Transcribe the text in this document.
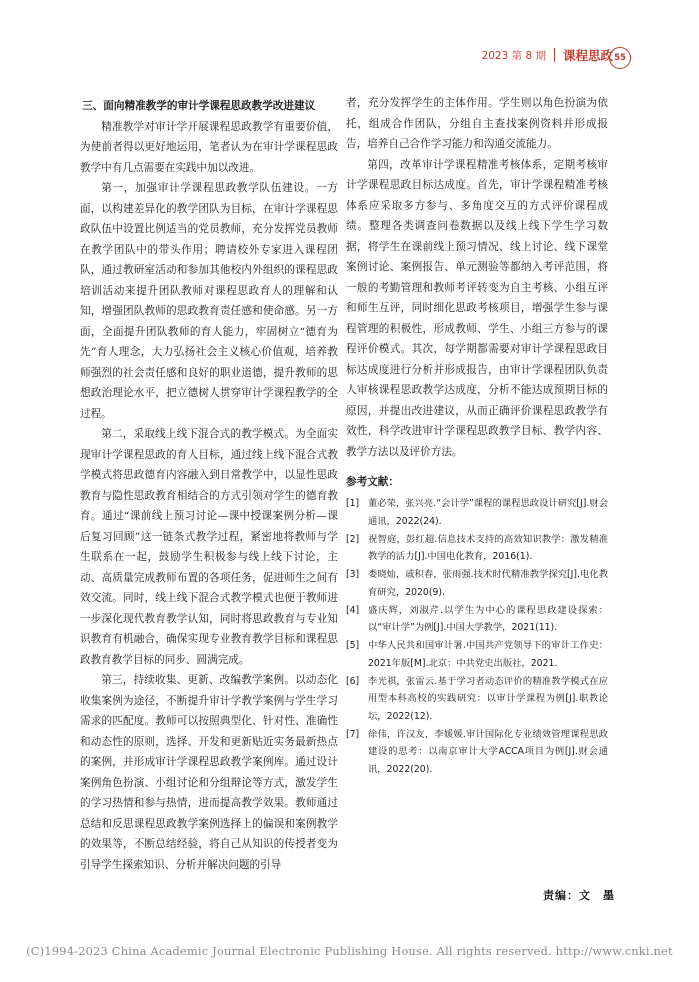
2023 第 8 期 课程思政 55
三、面向精准教学的审计学课程思政教学改进建议

精准教学对审计学开展课程思政教学有重要价值，为使前者得以更好地运用，笔者认为在审计学课程思政教学中有几点需要在实践中加以改进。

第一，加强审计学课程思政教学队伍建设。一方面，以构建差异化的教学团队为目标，在审计学课程思政队伍中设置比例适当的党员教师，充分发挥党员教师在教学团队中的带头作用；聘请校外专家进入课程团队，通过教研室活动和参加其他校内外组织的课程思政培训活动来提升团队教师对课程思政育人的理解和认知，增强团队教师的思政教育责任感和使命感。另一方面，全面提升团队教师的育人能力，牢固树立“德育为先”育人理念，大力弘扬社会主义核心价值观，培养教师强烈的社会责任感和良好的职业道德，提升教师的思想政治理论水平，把立德树人贯穿审计学课程教学的全过程。

第二，采取线上线下混合式的教学模式。为全面实现审计学课程思政的育人目标，通过线上线下混合式教学模式将思政德育内容融入到日常教学中，以显性思政教育与隐性思政教育相结合的方式引领对学生的德育教育。通过“课前线上预习讨论—课中授课案例分析—课后复习回顾”这一链条式教学过程，紧密地将教师与学生联系在一起，鼓励学生积极参与线上线下讨论，主动、高质量完成教师布置的各项任务，促进师生之间有效交流。同时，线上线下混合式教学模式也便于教师进一步深化现代教育教学认知，同时将思政教育与专业知识教育有机融合，确保实现专业教育教学目标和课程思政教育教学目标的同步、圆满完成。

第三，持续收集、更新、改编教学案例。以动态化收集案例为途径，不断提升审计学教学案例与学生学习需求的匹配度。教师可以按照典型化、针对性、准确性和动态性的原则，选择、开发和更新贴近实务最新热点的案例，并形成审计学课程思政教学案例库。通过设计案例角色扮演、小组讨论和分组辩论等方式，激发学生的学习热情和参与热情，进而提高教学效果。教师通过总结和反思课程思政教学案例选择上的偏误和案例教学的效果等，不断总结经验，将自己从知识的传授者变为引导学生探索知识、分析并解决问题的引导

者，充分发挥学生的主体作用。学生则以角色扮演为依托，组成合作团队，分组自主查找案例资料并形成报告，培养自己合作学习能力和沟通交流能力。

第四，改革审计学课程精准考核体系，定期考核审计学课程思政目标达成度。首先，审计学课程精准考核体系应采取多方参与、多角度交互的方式评价课程成绩。整理各类调查问卷数据以及线上线下学生学习数据，将学生在课前线上预习情况、线上讨论、线下课堂案例讨论、案例报告、单元测验等都纳入考评范围，将一般的考勤管理和教师考评转变为自主考核、小组互评和师生互评，同时细化思政考核项目，增强学生参与课程管理的积极性，形成教师、学生、小组三方参与的课程评价模式。其次，每学期都需要对审计学课程思政目标达成度进行分析并形成报告，由审计学课程团队负责人审核课程思政教学达成度，分析不能达成预期目标的原因，并提出改进建议，从而正确评价课程思政教学有效性，科学改进审计学课程思政教学目标、教学内容、教学方法以及评价方法。

参考文献：
[1] 董必荣，张兴亮.“会计学”课程的课程思政设计研究[J].财会通讯，2022(24).
[2] 祝智庭，彭红超.信息技术支持的高效知识教学：激发精准教学的活力[J].中国电化教育，2016(1).
[3] 娄晓灿，戚积春，张雨强.技术时代精准教学探究[J].电化教育研究，2020(9).
[4] 盛庆辉，刘淑芹.以学生为中心的课程思政建设探索：以“审计学”为例[J].中国大学教学，2021(11).
[5] 中华人民共和国审计署.中国共产党领导下的审计工作史：2021年版[M].北京：中共党史出版社，2021.
[6] 李光祺，张雷云.基于学习者动态评价的精准教学模式在应用型本科高校的实践研究：以审计学课程为例[J].职教论坛，2022(12).
[7] 徐伟，许汉友，李媛媛.审计国际化专业绩效管理课程思政建设的思考：以南京审计大学ACCA项目为例[J].财会通讯，2022(20).
责编：文　墨
(C)1994-2023 China Academic Journal Electronic Publishing House. All rights reserved. http://www.cnki.net
